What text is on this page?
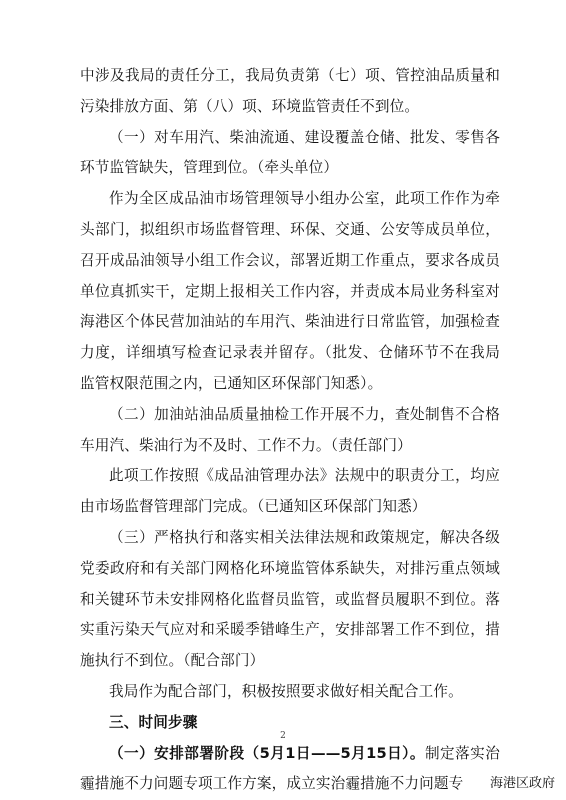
中涉及我局的责任分工，我局负责第（七）项、管控油品质量和污染排放方面、第（八）项、环境监管责任不到位。

（一）对车用汽、柴油流通、建设覆盖仓储、批发、零售各环节监管缺失，管理到位。（牵头单位）

作为全区成品油市场管理领导小组办公室，此项工作作为牵头部门，拟组织市场监督管理、环保、交通、公安等成员单位，召开成品油领导小组工作会议，部署近期工作重点，要求各成员单位真抓实干，定期上报相关工作内容，并责成本局业务科室对海港区个体民营加油站的车用汽、柴油进行日常监管，加强检查力度，详细填写检查记录表并留存。（批发、仓储环节不在我局监管权限范围之内，已通知区环保部门知悉）。

（二）加油站油品质量抽检工作开展不力，查处制售不合格车用汽、柴油行为不及时、工作不力。（责任部门）

此项工作按照《成品油管理办法》法规中的职责分工，均应由市场监督管理部门完成。（已通知区环保部门知悉）

（三）严格执行和落实相关法律法规和政策规定，解决各级党委政府和有关部门网格化环境监管体系缺失，对排污重点领域和关键环节未安排网格化监督员监管，或监督员履职不到位。落实重污染天气应对和采暖季错峰生产，安排部署工作不到位，措施执行不到位。（配合部门）

我局作为配合部门，积极按照要求做好相关配合工作。

三、时间步骤

（一）安排部署阶段（5月1日——5月15日）。制定落实治霾措施不力问题专项工作方案，成立实治霾措施不力问题专

2
海港区政府
